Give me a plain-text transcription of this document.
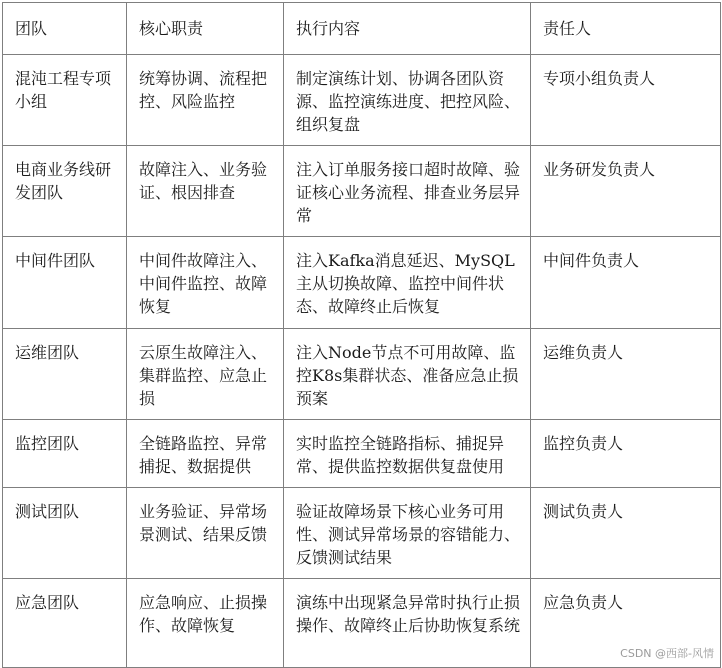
团队	核心职责	执行内容	责任人
混沌工程专项小组	统筹协调、流程把控、风险监控	制定演练计划、协调各团队资源、监控演练进度、把控风险、组织复盘	专项小组负责人
电商业务线研发团队	故障注入、业务验证、根因排查	注入订单服务接口超时故障、验证核心业务流程、排查业务层异常	业务研发负责人
中间件团队	中间件故障注入、中间件监控、故障恢复	注入Kafka消息延迟、MySQL主从切换故障、监控中间件状态、故障终止后恢复	中间件负责人
运维团队	云原生故障注入、集群监控、应急止损	注入Node节点不可用故障、监控K8s集群状态、准备应急止损预案	运维负责人
监控团队	全链路监控、异常捕捉、数据提供	实时监控全链路指标、捕捉异常、提供监控数据供复盘使用	监控负责人
测试团队	业务验证、异常场景测试、结果反馈	验证故障场景下核心业务可用性、测试异常场景的容错能力、反馈测试结果	测试负责人
应急团队	应急响应、止损操作、故障恢复	演练中出现紧急异常时执行止损操作、故障终止后协助恢复系统	应急负责人
CSDN @西部-风情
